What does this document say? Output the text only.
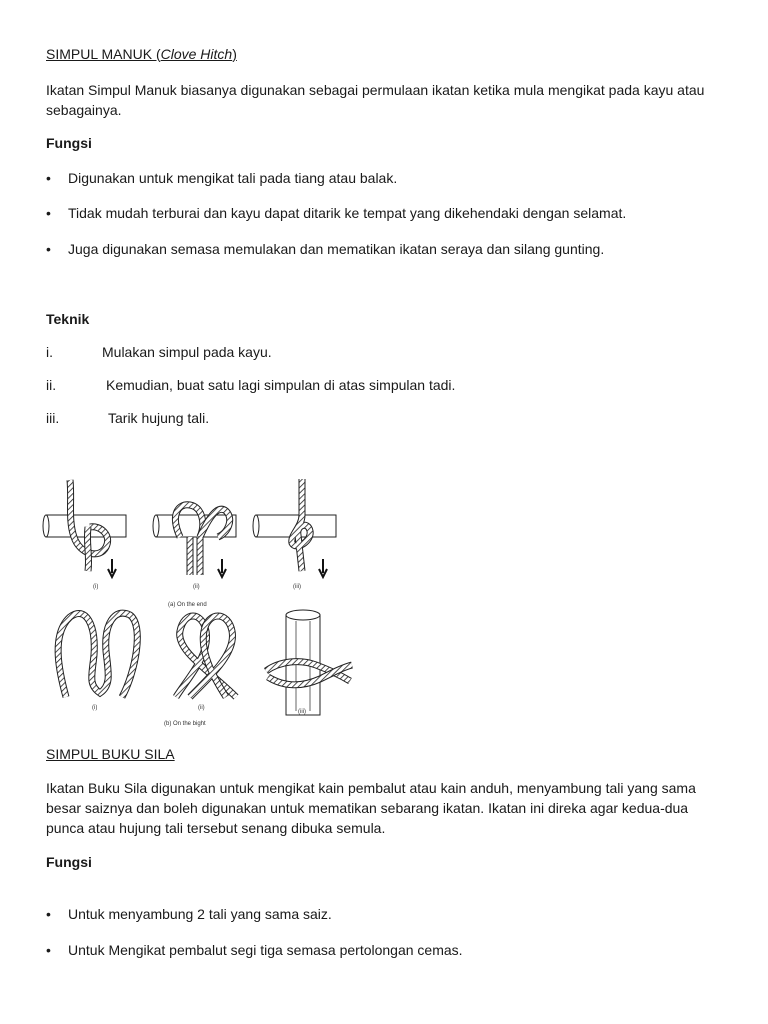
SIMPUL MANUK (Clove Hitch)
Ikatan Simpul Manuk biasanya digunakan sebagai permulaan ikatan ketika mula mengikat pada kayu atau sebagainya.
Fungsi
• Digunakan untuk mengikat tali pada tiang atau balak.
• Tidak mudah terburai dan kayu dapat ditarik ke tempat yang dikehendaki dengan selamat.
• Juga digunakan semasa memulakan dan mematikan ikatan seraya dan silang gunting.
Teknik
i.	Mulakan simpul pada kayu.
ii.	Kemudian, buat satu lagi simpulan di atas simpulan tadi.
iii.	Tarik hujung tali.
(i)	(ii)	(iii)
(a) On the end
(i)	(ii)
(iii)
(b) On the bight
SIMPUL BUKU SILA
Ikatan Buku Sila digunakan untuk mengikat kain pembalut atau kain anduh, menyambung tali yang sama besar saiznya dan boleh digunakan untuk mematikan sebarang ikatan. Ikatan ini direka agar kedua-dua punca atau hujung tali tersebut senang dibuka semula.
Fungsi
• Untuk menyambung 2 tali yang sama saiz.
• Untuk Mengikat pembalut segi tiga semasa pertolongan cemas.
